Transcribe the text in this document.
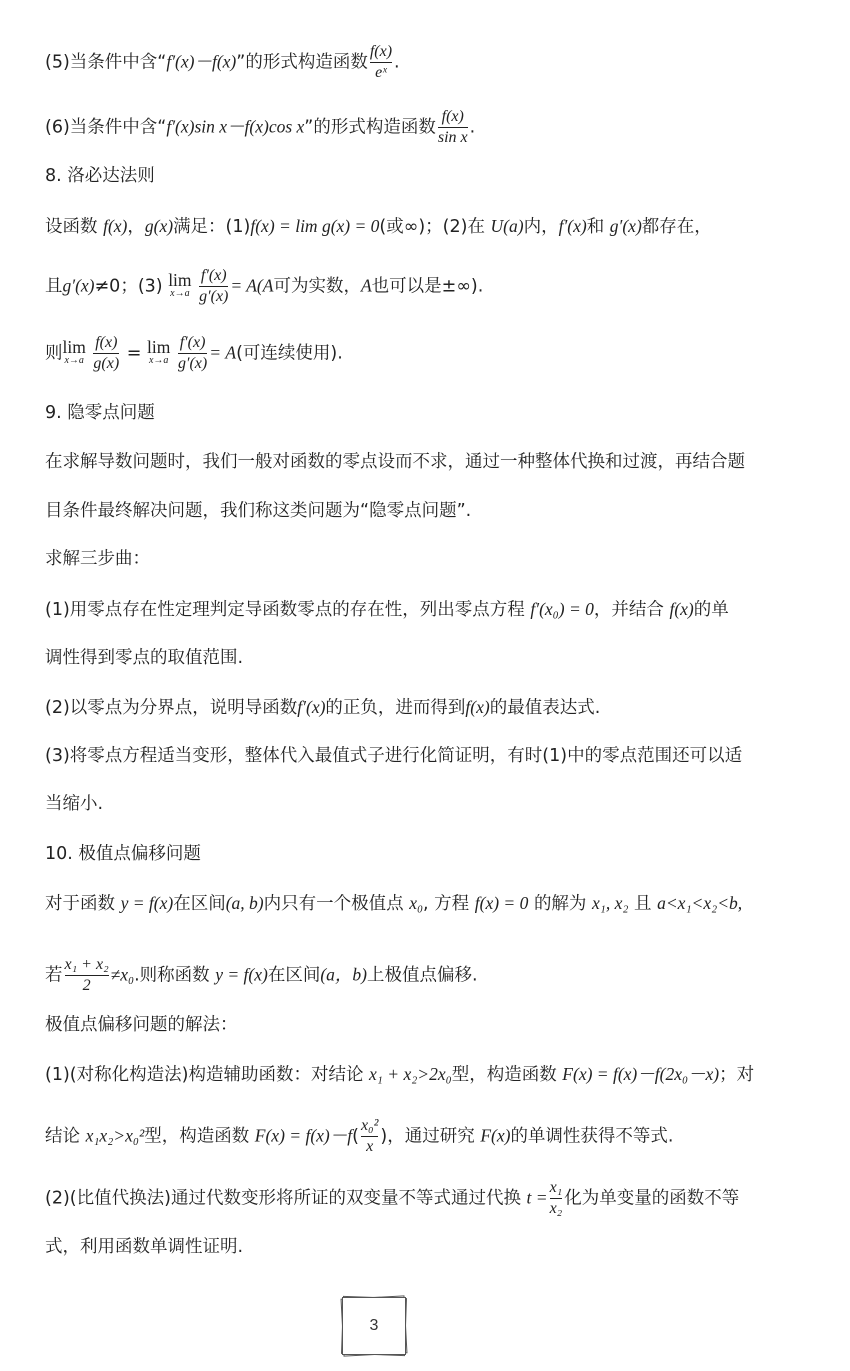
(5)当条件中含“f′(x)－f(x)”的形式构造函数 $\frac{f(x)}{\text{eˣ}}$ .
(6)当条件中含“f′(x)sin x－f(x)cos x”的形式构造函数 $\frac{f(x)}{\text{sin x}}$ .
8. 洛必达法则
设函数 f(x)，g(x)满足：(1)f(x) = lim g(x) = 0(或∞)；(2)在 U(a)内，f′(x)和 g′(x)都存在，
且g′(x)≠0；(3) lim
x→a
$\frac{f'(x)}{g'(x)} = A(A$可为实数，A也可以是±∞).
则 lim
x→a
$\frac{f(x)}{g(x)} = \lim$
x→a
$\frac{f'(x)}{g'(x)} = A$(可连续使用).
9. 隐零点问题
在求解导数问题时，我们一般对函数的零点设而不求，通过一种整体代换和过渡，再结合题
目条件最终解决问题，我们称这类问题为“隐零点问题”.
求解三步曲：
(1)用零点存在性定理判定导函数零点的存在性，列出零点方程 f′(x₀) = 0，并结合 f(x)的单
调性得到零点的取值范围.
(2)以零点为分界点，说明导函数f′(x)的正负，进而得到f(x)的最值表达式.
(3)将零点方程适当变形，整体代入最值式子进行化简证明，有时(1)中的零点范围还可以适
当缩小.
10. 极值点偏移问题
对于函数 y = f(x)在区间(a, b)内只有一个极值点 x₀, 方程 f(x) = 0 的解为 x₁, x₂ 且 a<x₁<x₂<b,
若 $\frac{\text{x₁ + x₂}}{2} \ne x_0$.则称函数 y = f(x)在区间(a，b)上极值点偏移.
极值点偏移问题的解法：
(1)(对称化构造法)构造辅助函数：对结论 x₁ + x₂>2x₀型，构造函数 F(x) = f(x)－f(2x₀－x)；对
结论 x₁x₂>x₀²型，构造函数 $F(x) = f(x)-f( \frac{\text{x₀²}}{x}$ )，通过研究 F(x)的单调性获得不等式.
(2)(比值代换法)通过代数变形将所证的双变量不等式通过代换 $t = \frac{\text{x₁}}{\text{x₂}}$ 化为单变量的函数不等
式，利用函数单调性证明.
3
